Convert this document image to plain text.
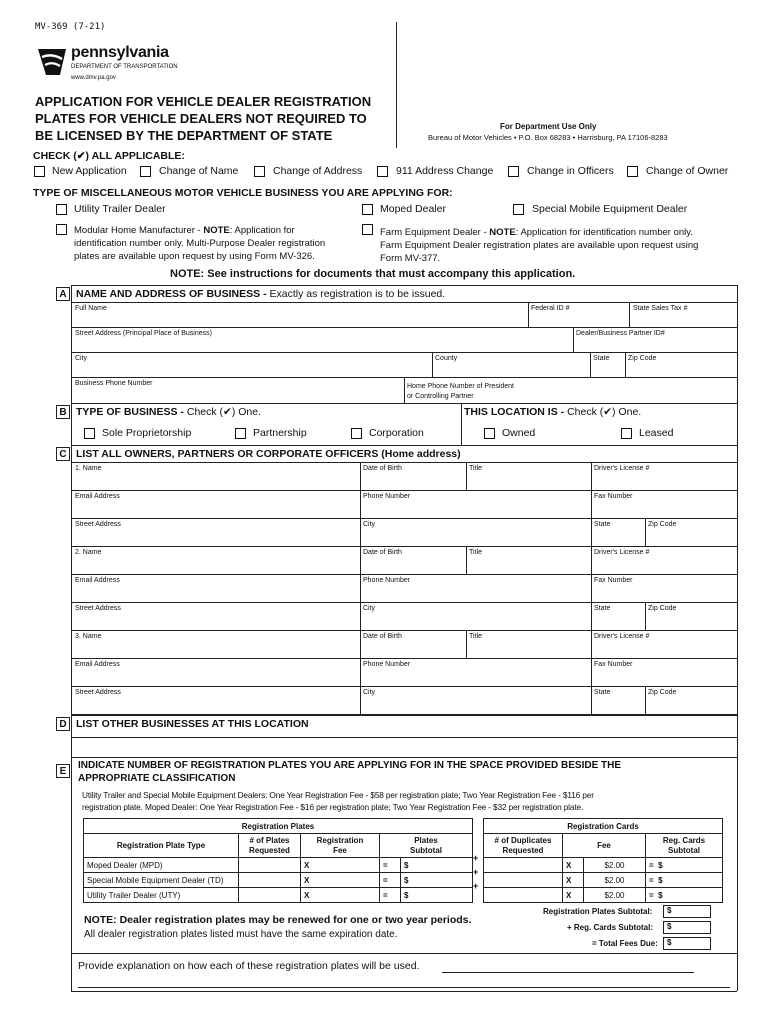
MV-369 (7-21)
pennsylvania
DEPARTMENT OF TRANSPORTATION
www.dmv.pa.gov
APPLICATION FOR VEHICLE DEALER REGISTRATION
PLATES FOR VEHICLE DEALERS NOT REQUIRED TO
BE LICENSED BY THE DEPARTMENT OF STATE
For Department Use Only
Bureau of Motor Vehicles • P.O. Box 68283 • Harrisburg, PA 17106-8283
CHECK (✔) ALL APPLICABLE:
New Application	Change of Name	Change of Address	911 Address Change	Change in Officers	Change of Owner
TYPE OF MISCELLANEOUS MOTOR VEHICLE BUSINESS YOU ARE APPLYING FOR:
Utility Trailer Dealer	Moped Dealer	Special Mobile Equipment Dealer
Modular Home Manufacturer - NOTE: Application for
identification number only. Multi-Purpose Dealer registration
plates are available upon request by using Form MV-326.
Farm Equipment Dealer - NOTE: Application for identification number only.
Farm Equipment Dealer registration plates are available upon request using
Form MV-377.
NOTE: See instructions for documents that must accompany this application.
A NAME AND ADDRESS OF BUSINESS - Exactly as registration is to be issued.
Full Name	Federal ID #	State Sales Tax #
Street Address (Principal Place of Business)	Dealer/Business Partner ID#
City	County	State	Zip Code
Business Phone Number	Home Phone Number of President
or Controlling Partner
B TYPE OF BUSINESS - Check (✔) One.	THIS LOCATION IS - Check (✔) One.
Sole Proprietorship	Partnership	Corporation	Owned	Leased
C LIST ALL OWNERS, PARTNERS OR CORPORATE OFFICERS (Home address)
1. Name	Date of Birth	Title	Driver's License #
Email Address	Phone Number	Fax Number
Street Address	City	State	Zip Code
2. Name	Date of Birth	Title	Driver's License #
Email Address	Phone Number	Fax Number
Street Address	City	State	Zip Code
3. Name	Date of Birth	Title	Driver's License #
Email Address	Phone Number	Fax Number
Street Address	City	State	Zip Code
D LIST OTHER BUSINESSES AT THIS LOCATION
E
INDICATE NUMBER OF REGISTRATION PLATES YOU ARE APPLYING FOR IN THE SPACE PROVIDED BESIDE THE
APPROPRIATE CLASSIFICATION
Utility Trailer and Special Mobile Equipment Dealers: One Year Registration Fee - $58 per registration plate; Two Year Registration Fee - $116 per
registration plate. Moped Dealer: One Year Registration Fee - $16 per registration plate; Two Year Registration Fee - $32 per registration plate.
Registration Plates				
Registration Plate Type	# of Plates
Requested	Registration
Fee	Plates
Subtotal	
Moped Dealer (MPD)		X	=	$
Special Mobile Equipment Dealer (TD)		X	=	$
Utility Trailer Dealer (UTY)		X	=	$
Registration Cards			
# of Duplicates
Requested	Fee		Reg. Cards
Subtotal
	X	$2.00	= $
	X	$2.00	= $
	X	$2.00	= $
+
+
+
Registration Plates Subtotal:	$
+ Reg. Cards Subtotal:	$
= Total Fees Due:	$
NOTE: Dealer registration plates may be renewed for one or two year periods.
All dealer registration plates listed must have the same expiration date.
Provide explanation on how each of these registration plates will be used.
